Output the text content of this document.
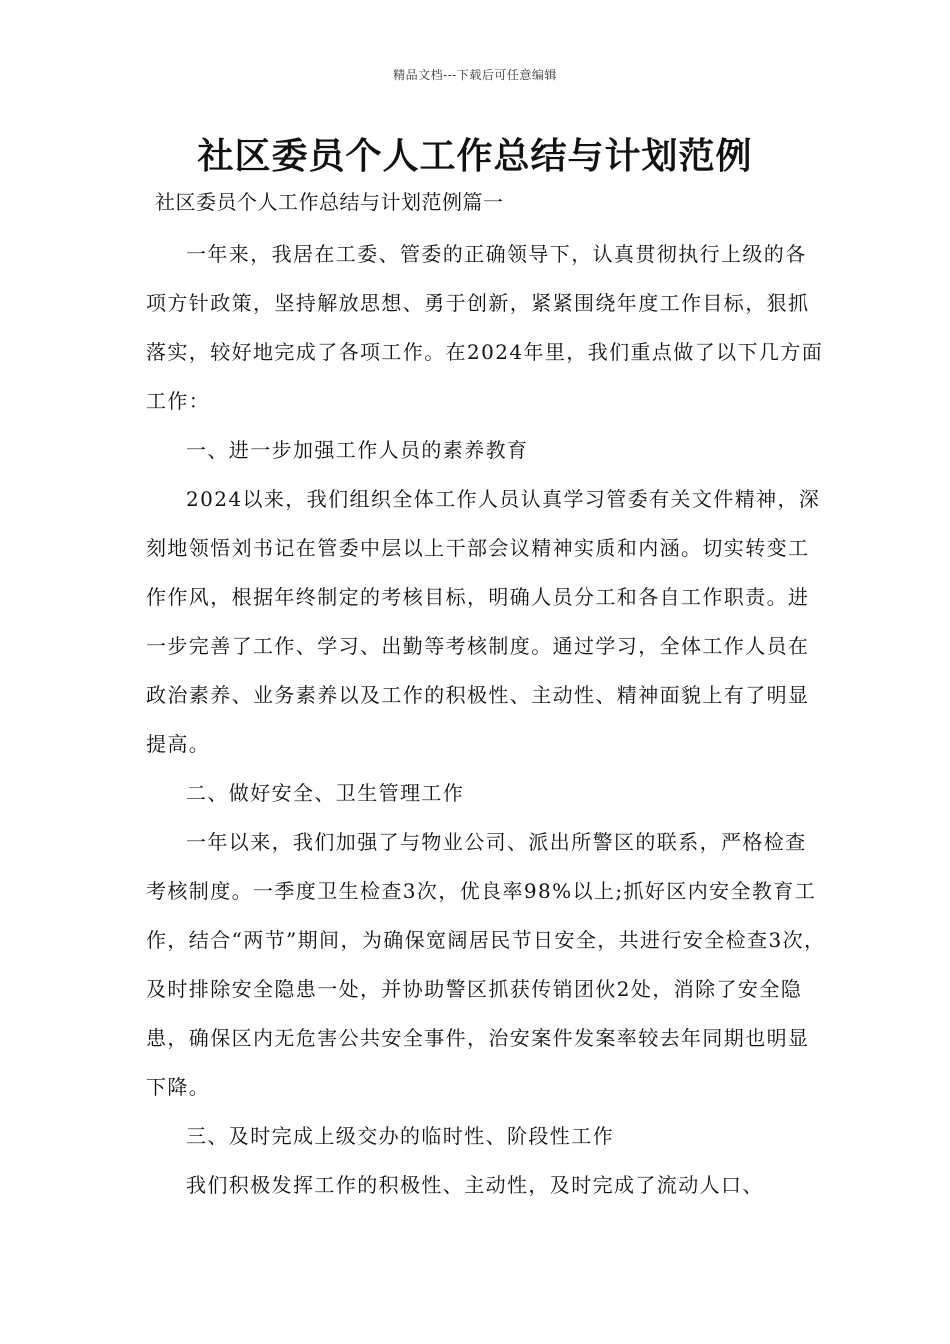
精品文档---下载后可任意编辑
社区委员个人工作总结与计划范例
社区委员个人工作总结与计划范例篇一

一年来，我居在工委、管委的正确领导下，认真贯彻执行上级的各项方针政策，坚持解放思想、勇于创新，紧紧围绕年度工作目标，狠抓落实，较好地完成了各项工作。在2024年里，我们重点做了以下几方面工作：

一、进一步加强工作人员的素养教育

2024以来，我们组织全体工作人员认真学习管委有关文件精神，深刻地领悟刘书记在管委中层以上干部会议精神实质和内涵。切实转变工作作风，根据年终制定的考核目标，明确人员分工和各自工作职责。进一步完善了工作、学习、出勤等考核制度。通过学习，全体工作人员在政治素养、业务素养以及工作的积极性、主动性、精神面貌上有了明显提高。

二、做好安全、卫生管理工作

一年以来，我们加强了与物业公司、派出所警区的联系，严格检查考核制度。一季度卫生检查3次，优良率98%以上;抓好区内安全教育工作，结合“两节”期间，为确保宽阔居民节日安全，共进行安全检查3次，及时排除安全隐患一处，并协助警区抓获传销团伙2处，消除了安全隐患，确保区内无危害公共安全事件，治安案件发案率较去年同期也明显下降。

三、及时完成上级交办的临时性、阶段性工作

我们积极发挥工作的积极性、主动性，及时完成了流动人口、
